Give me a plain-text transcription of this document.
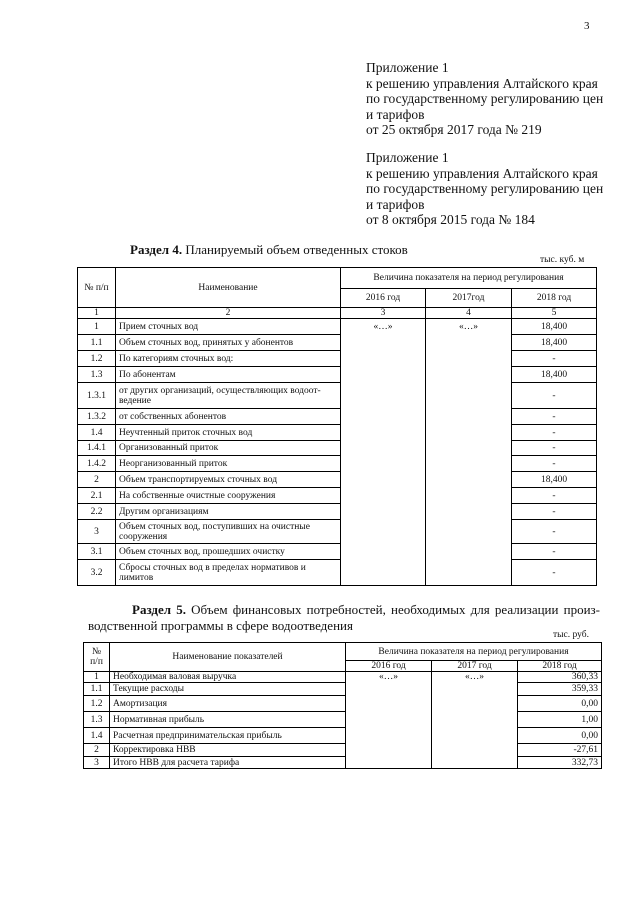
3
Приложение 1
к решению управления Алтайского края
по государственному регулированию цен
и тарифов
от 25 октября 2017 года № 219
Приложение 1
к решению управления Алтайского края
по государственному регулированию цен
и тарифов
от 8 октября 2015 года № 184
Раздел 4. Планируемый объем отведенных стоков
тыс. куб. м
№ п/п	Наименование	Величина показателя на период регулирования		
		2016 год	2017год	2018 год
1	2	3	4	5
1	Прием сточных вод	«…»	«…»	18,400
1.1	Объем сточных вод, принятых у абонентов			18,400
1.2	По категориям сточных вод:			-
1.3	По абонентам			18,400
1.3.1	от других организаций, осуществляющих водоот-ведение			-
1.3.2	от собственных абонентов			-
1.4	Неучтенный приток сточных вод			-
1.4.1	Организованный приток			-
1.4.2	Неорганизованный приток			-
2	Объем транспортируемых сточных вод			18,400
2.1	На собственные очистные сооружения			-
2.2	Другим организациям			-
3	Объем сточных вод, поступивших на очистные сооружения			-
3.1	Объем сточных вод, прошедших очистку			-
3.2	Сбросы сточных вод в пределах нормативов и лимитов			-
Раздел 5. Объем финансовых потребностей, необходимых для реализации произ-
водственной программы в сфере водоотведения
тыс. руб.
№ п/п	Наименование показателей	Величина показателя на период регулирования		
		2016 год	2017 год	2018 год
1	Необходимая валовая выручка	«…»	«…»	360,33
1.1	Текущие расходы			359,33
1.2	Амортизация			0,00
1.3	Нормативная прибыль			1,00
1.4	Расчетная предпринимательская прибыль			0,00
2	Корректировка НВВ			-27,61
3	Итого НВВ для расчета тарифа			332,73
